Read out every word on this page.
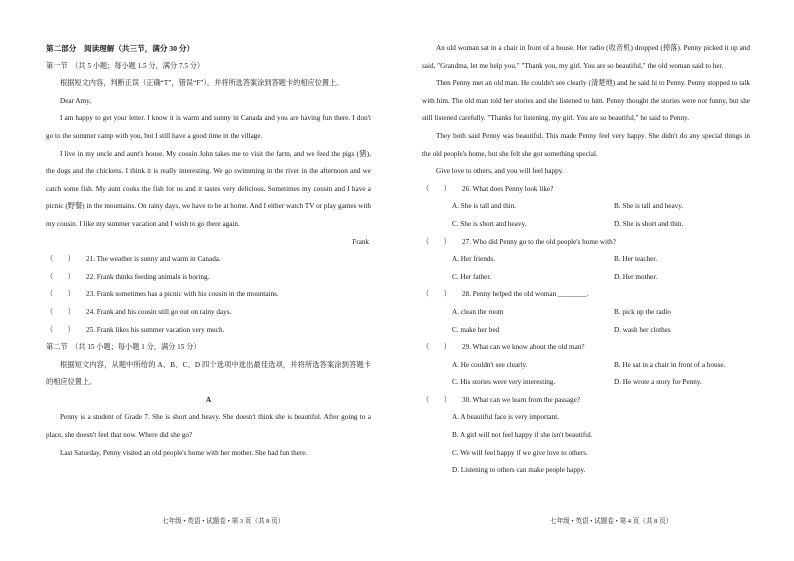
第二部分　阅读理解（共三节，满分 30 分）
第一节　（共 5 小题；每小题 1.5 分，满分 7.5 分）
根据短文内容，判断正误（正确“T”，错误“F”）。并将所选答案涂到答题卡的相应位置上。
Dear Amy,
I am happy to get your letter. I know it is warm and sunny in Canada and you are having fun there. I don't go to the summer camp with you, but I still have a good time in the village.
I live in my uncle and aunt's house. My cousin John takes me to visit the farm, and we feed the pigs (猪), the dogs and the chickens. I think it is really interesting. We go swimming in the river in the afternoon and we catch some fish. My aunt cooks the fish for us and it tastes very delicious. Sometimes my cousin and I have a picnic (野餐) in the mountains. On rainy days, we have to be at home. And I either watch TV or play games with my cousin. I like my summer vacation and I wish to go there again.
Frank
（　　） 21. The weather is sunny and warm in Canada.
（　　） 22. Frank thinks feeding animals is boring.
（　　） 23. Frank sometimes has a picnic with his cousin in the mountains.
（　　） 24. Frank and his cousin still go out on rainy days.
（　　） 25. Frank likes his summer vacation very much.
第二节　（共 15 小题；每小题 1 分，满分 15 分）
根据短文内容，从题中所给的 A、B、C、D 四个选项中选出最佳选项，并将所选答案涂到答题卡的相应位置上。
A
Penny is a student of Grade 7. She is short and heavy. She doesn't think she is beautiful. After going to a place, she doesn't feel that now. Where did she go?
Last Saturday, Penny visited an old people's home with her mother. She had fun there.
七年级 • 英语 • 试题卷 • 第 3 页（共 8 页）
An old woman sat in a chair in front of a house. Her radio (收音机) dropped (掉落). Penny picked it up and said, "Grandma, let me help you." "Thank you, my girl. You are so beautiful," the old woman said to her.
Then Penny met an old man. He couldn't see clearly (清楚地) and he said hi to Penny. Penny stopped to talk with him. The old man told her stories and she listened to him. Penny thought the stories were not funny, but she still listened carefully. "Thanks for listening, my girl. You are so beautiful," he said to Penny.
They both said Penny was beautiful. This made Penny feel very happy. She didn't do any special things in the old people's home, but she felt she got something special.
Give love to others, and you will feel happy.
（　　） 26. What does Penny look like?
A. She is tall and thin.	B. She is tall and heavy.
C. She is short and heavy.	D. She is short and thin.
（　　） 27. Who did Penny go to the old people's home with?
A. Her friends.	B. Her teacher.
C. Her father.	D. Her mother.
（　　） 28. Penny helped the old woman ________.
A. clean the room	B. pick up the radio
C. make her bed	D. wash her clothes
（　　） 29. What can we know about the old man?
A. He couldn't see clearly.	B. He sat in a chair in front of a house.
C. His stories were very interesting.	D. He wrote a story for Penny.
（　　） 30. What can we learn from the passage?
A. A beautiful face is very important.
B. A girl will not feel happy if she isn't beautiful.
C. We will feel happy if we give love to others.
D. Listening to others can make people happy.
七年级 • 英语 • 试题卷 • 第 4 页（共 8 页）
